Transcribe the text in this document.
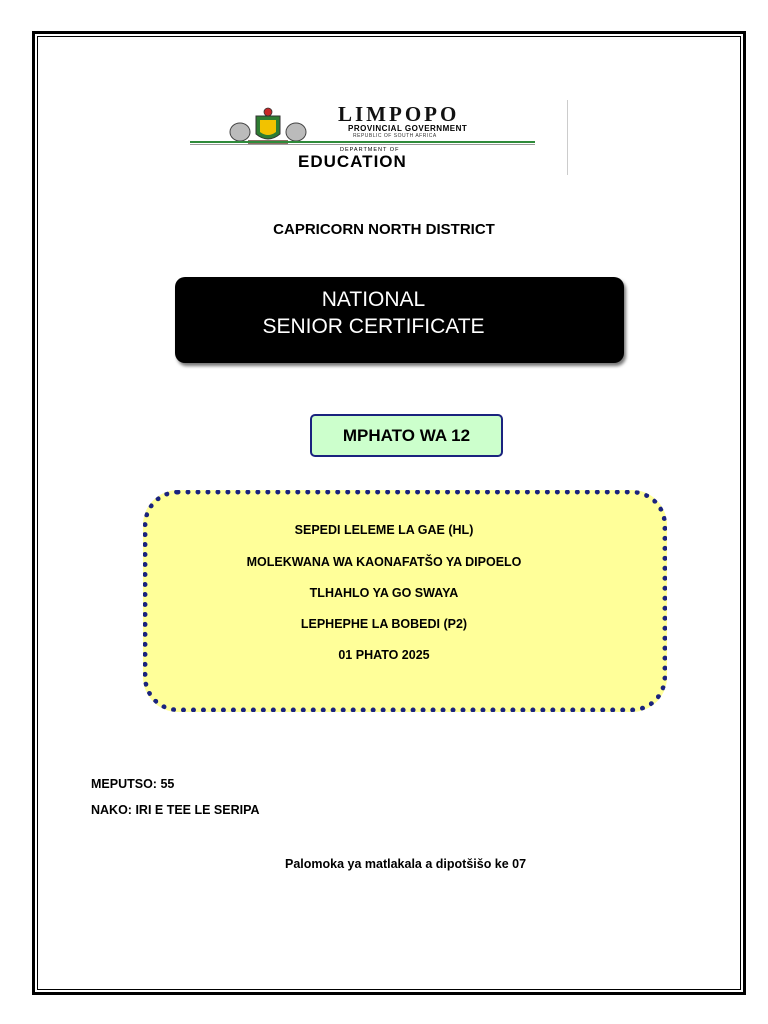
LIMPOPO
PROVINCIAL GOVERNMENT
REPUBLIC OF SOUTH AFRICA
DEPARTMENT OF
EDUCATION
CAPRICORN NORTH DISTRICT
NATIONAL
SENIOR CERTIFICATE
MPHATO WA 12
SEPEDI LELEME LA GAE (HL)
MOLEKWANA WA KAONAFATŠO YA DIPOELO
TLHAHLO YA GO SWAYA
LEPHEPHE LA BOBEDI (P2)
01 PHATO 2025
MEPUTSO: 55
NAKO: IRI E TEE LE SERIPA
Palomoka ya matlakala a dipotšišo ke 07
